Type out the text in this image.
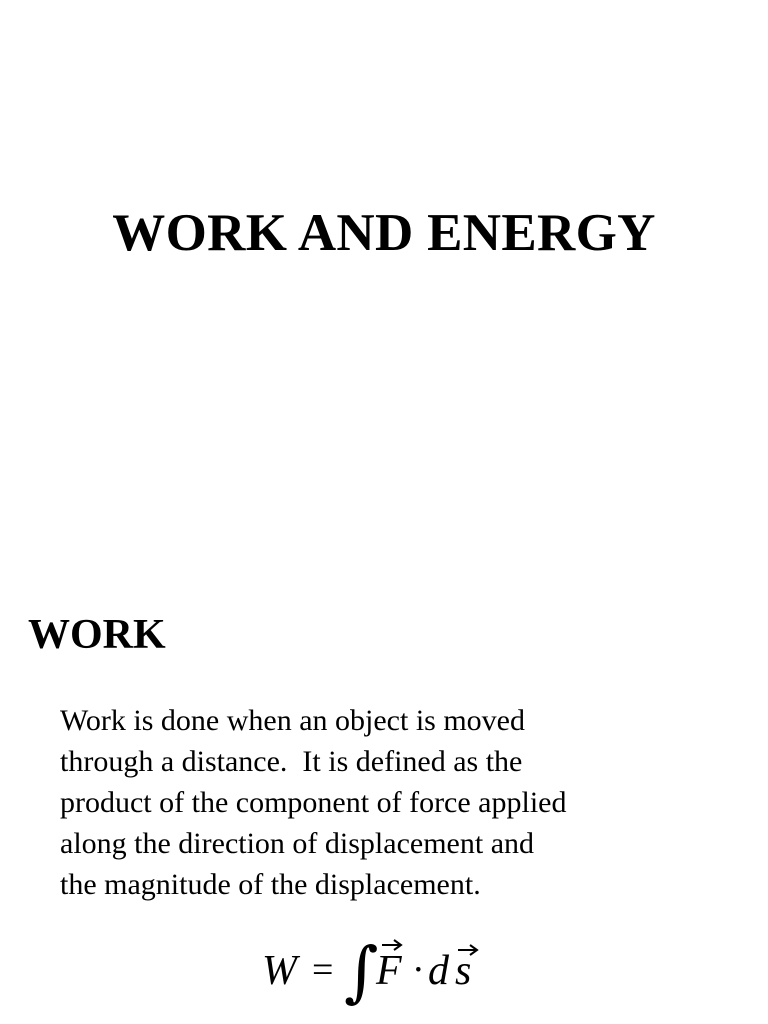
WORK AND ENERGY
WORK
Work is done when an object is moved
through a distance.  It is defined as the
product of the component of force applied
along the direction of displacement and
the magnitude of the displacement.
W = ∫
F · d s
